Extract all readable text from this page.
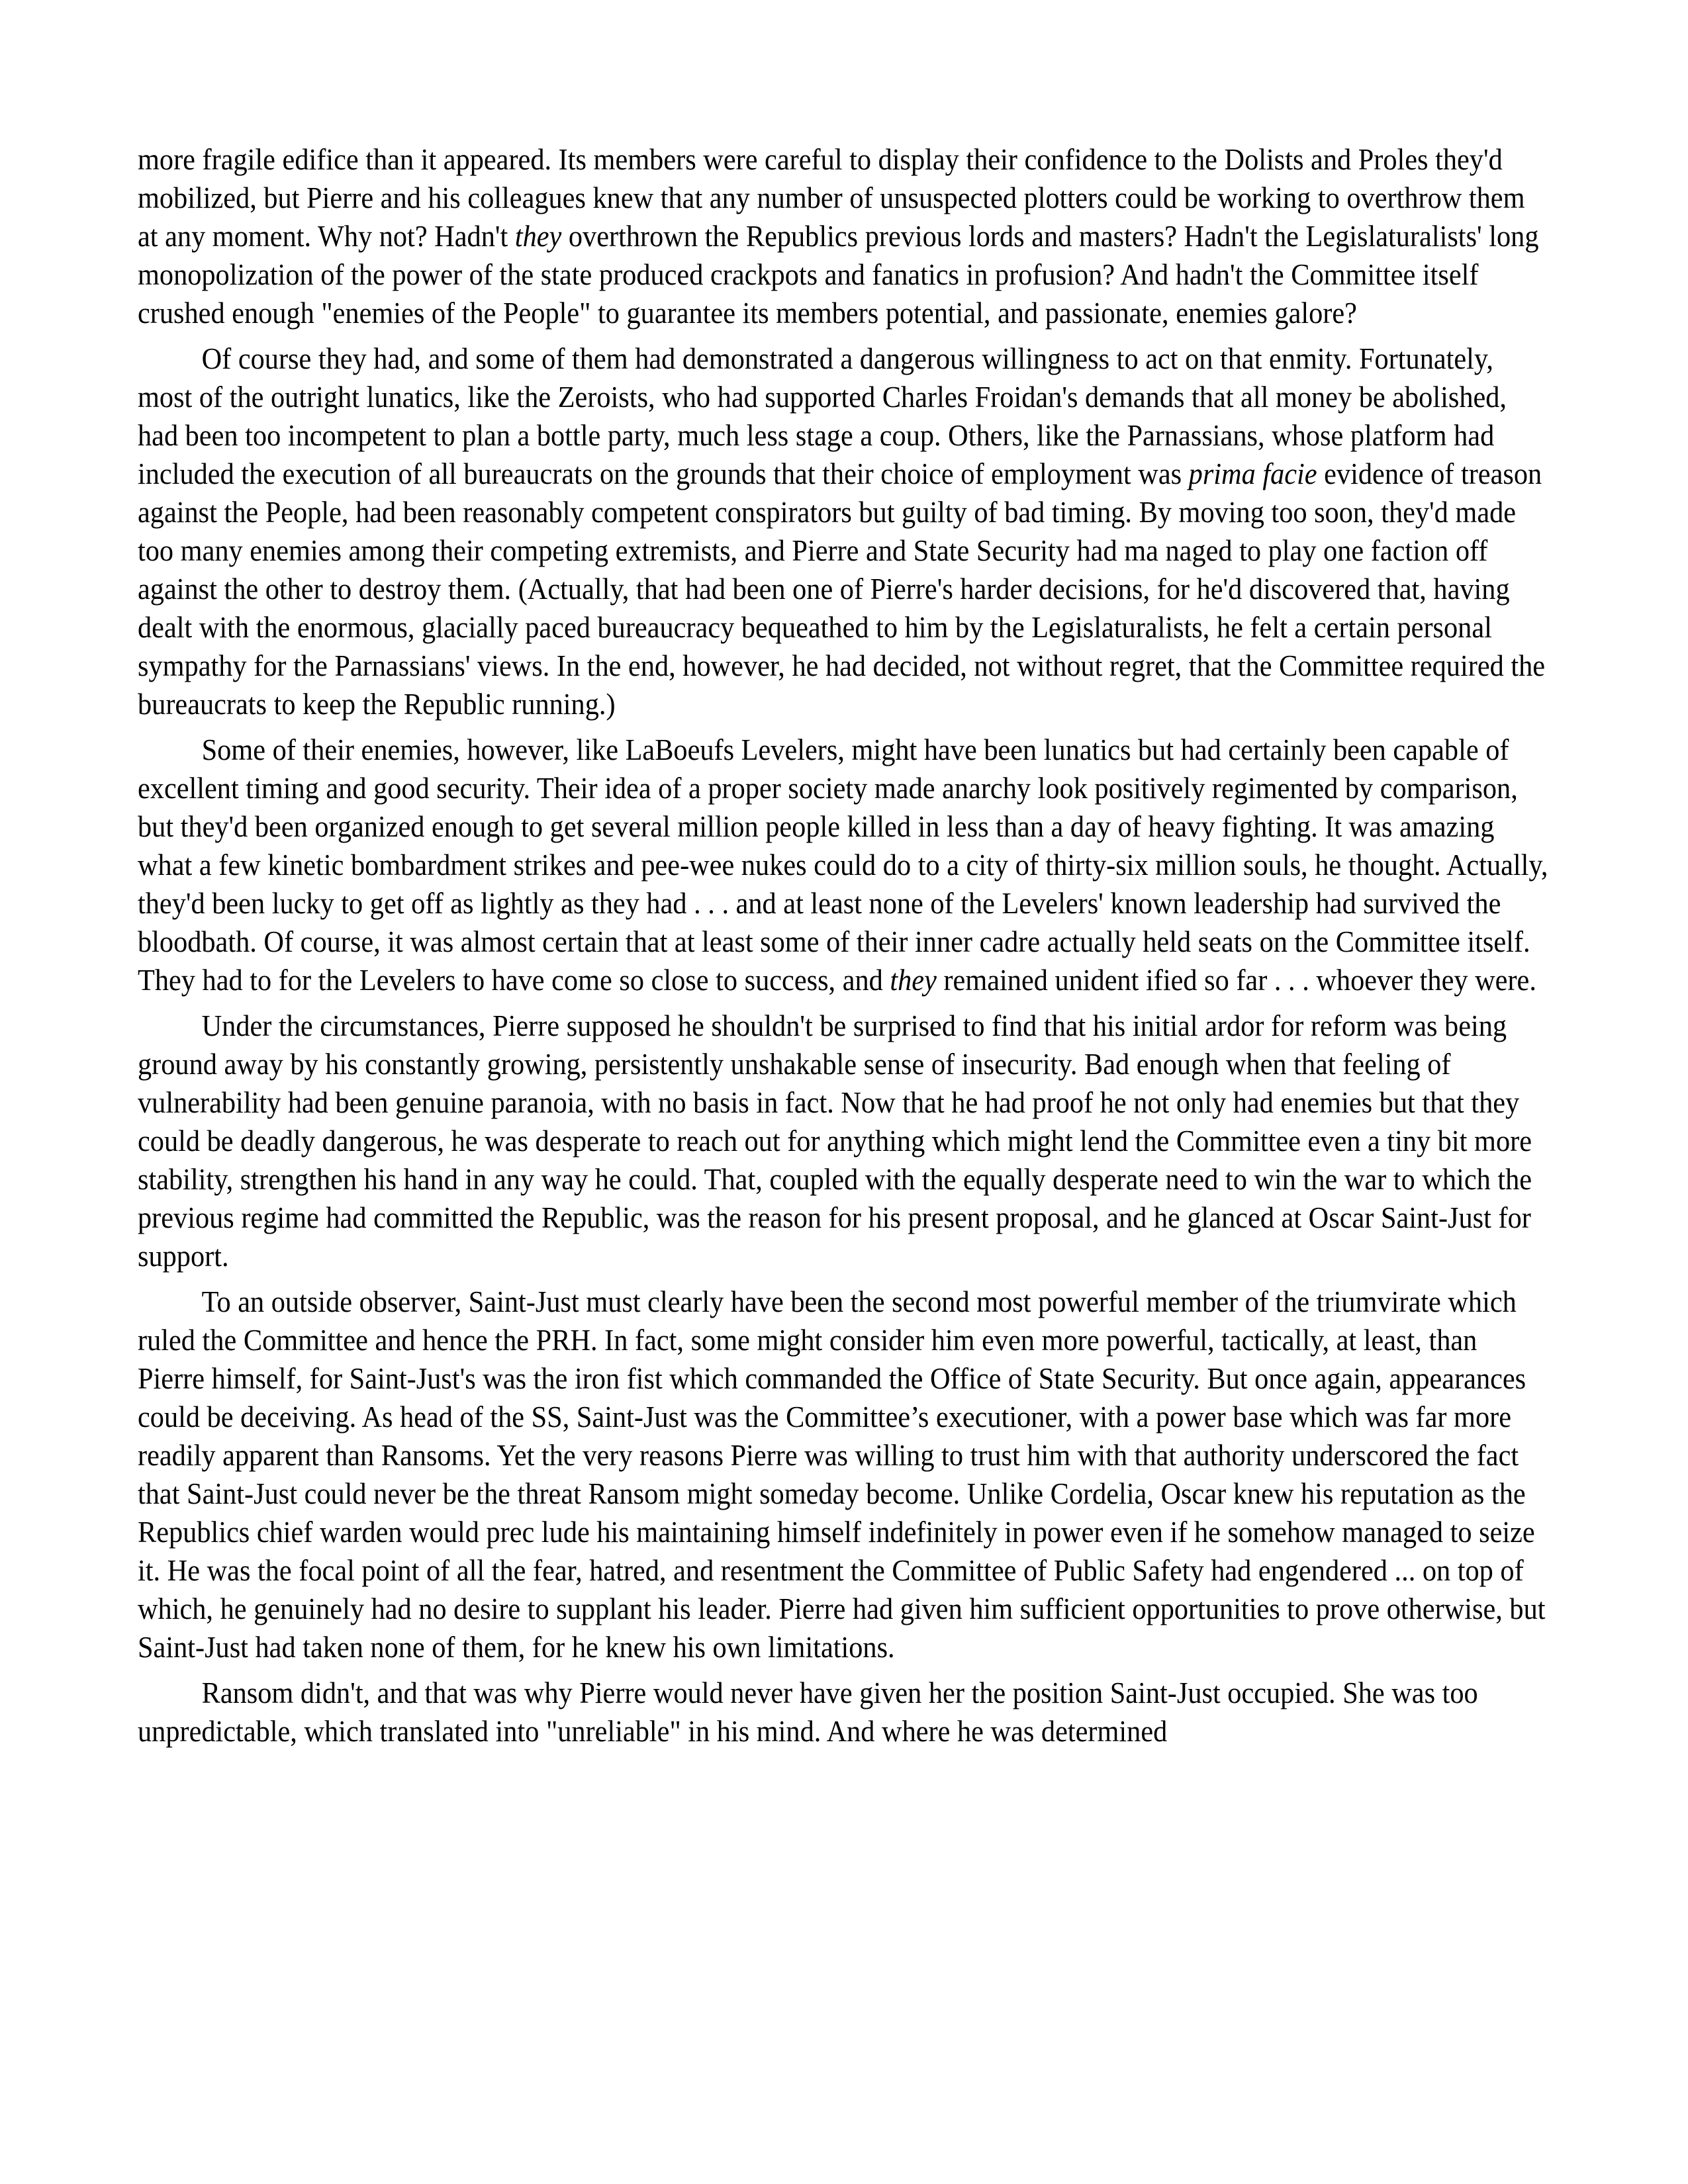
more fragile edifice than it appeared. Its members were careful to display their confidence to the Dolists and Proles they'd mobilized, but Pierre and his colleagues knew that any number of unsuspected plotters could be working to overthrow them at any moment. Why not? Hadn't they overthrown the Republics previous lords and masters? Hadn't the Legislaturalists' long monopolization of the power of the state produced crackpots and fanatics in profusion? And hadn't the Committee itself crushed enough "enemies of the People" to guarantee its members potential, and passionate, enemies galore?

Of course they had, and some of them had demonstrated a dangerous willingness to act on that enmity. Fortunately, most of the outright lunatics, like the Zeroists, who had supported Charles Froidan's demands that all money be abolished, had been too incompetent to plan a bottle party, much less stage a coup. Others, like the Parnassians, whose platform had included the execution of all bureaucrats on the grounds that their choice of employment was prima facie evidence of treason against the People, had been reasonably competent conspirators but guilty of bad timing. By moving too soon, they'd made too many enemies among their competing extremists, and Pierre and State Security had ma naged to play one faction off against the other to destroy them. (Actually, that had been one of Pierre's harder decisions, for he'd discovered that, having dealt with the enormous, glacially paced bureaucracy bequeathed to him by the Legislaturalists, he felt a certain personal sympathy for the Parnassians' views. In the end, however, he had decided, not without regret, that the Committee required the bureaucrats to keep the Republic running.)

Some of their enemies, however, like LaBoeufs Levelers, might have been lunatics but had certainly been capable of excellent timing and good security. Their idea of a proper society made anarchy look positively regimented by comparison, but they'd been organized enough to get several million people killed in less than a day of heavy fighting. It was amazing what a few kinetic bombardment strikes and pee-wee nukes could do to a city of thirty-six million souls, he thought. Actually, they'd been lucky to get off as lightly as they had . . . and at least none of the Levelers' known leadership had survived the bloodbath. Of course, it was almost certain that at least some of their inner cadre actually held seats on the Committee itself. They had to for the Levelers to have come so close to success, and they remained unident ified so far . . . whoever they were.

Under the circumstances, Pierre supposed he shouldn't be surprised to find that his initial ardor for reform was being ground away by his constantly growing, persistently unshakable sense of insecurity. Bad enough when that feeling of vulnerability had been genuine paranoia, with no basis in fact. Now that he had proof he not only had enemies but that they could be deadly dangerous, he was desperate to reach out for anything which might lend the Committee even a tiny bit more stability, strengthen his hand in any way he could. That, coupled with the equally desperate need to win the war to which the previous regime had committed the Republic, was the reason for his present proposal, and he glanced at Oscar Saint-Just for support.

To an outside observer, Saint-Just must clearly have been the second most powerful member of the triumvirate which ruled the Committee and hence the PRH. In fact, some might consider him even more powerful, tactically, at least, than Pierre himself, for Saint-Just's was the iron fist which commanded the Office of State Security. But once again, appearances could be deceiving. As head of the SS, Saint-Just was the Committee’s executioner, with a power base which was far more readily apparent than Ransoms. Yet the very reasons Pierre was willing to trust him with that authority underscored the fact that Saint-Just could never be the threat Ransom might someday become. Unlike Cordelia, Oscar knew his reputation as the Republics chief warden would prec lude his maintaining himself indefinitely in power even if he somehow managed to seize it. He was the focal point of all the fear, hatred, and resentment the Committee of Public Safety had engendered ... on top of which, he genuinely had no desire to supplant his leader. Pierre had given him sufficient opportunities to prove otherwise, but Saint-Just had taken none of them, for he knew his own limitations.

Ransom didn't, and that was why Pierre would never have given her the position Saint-Just occupied. She was too unpredictable, which translated into "unreliable" in his mind. And where he was determined
